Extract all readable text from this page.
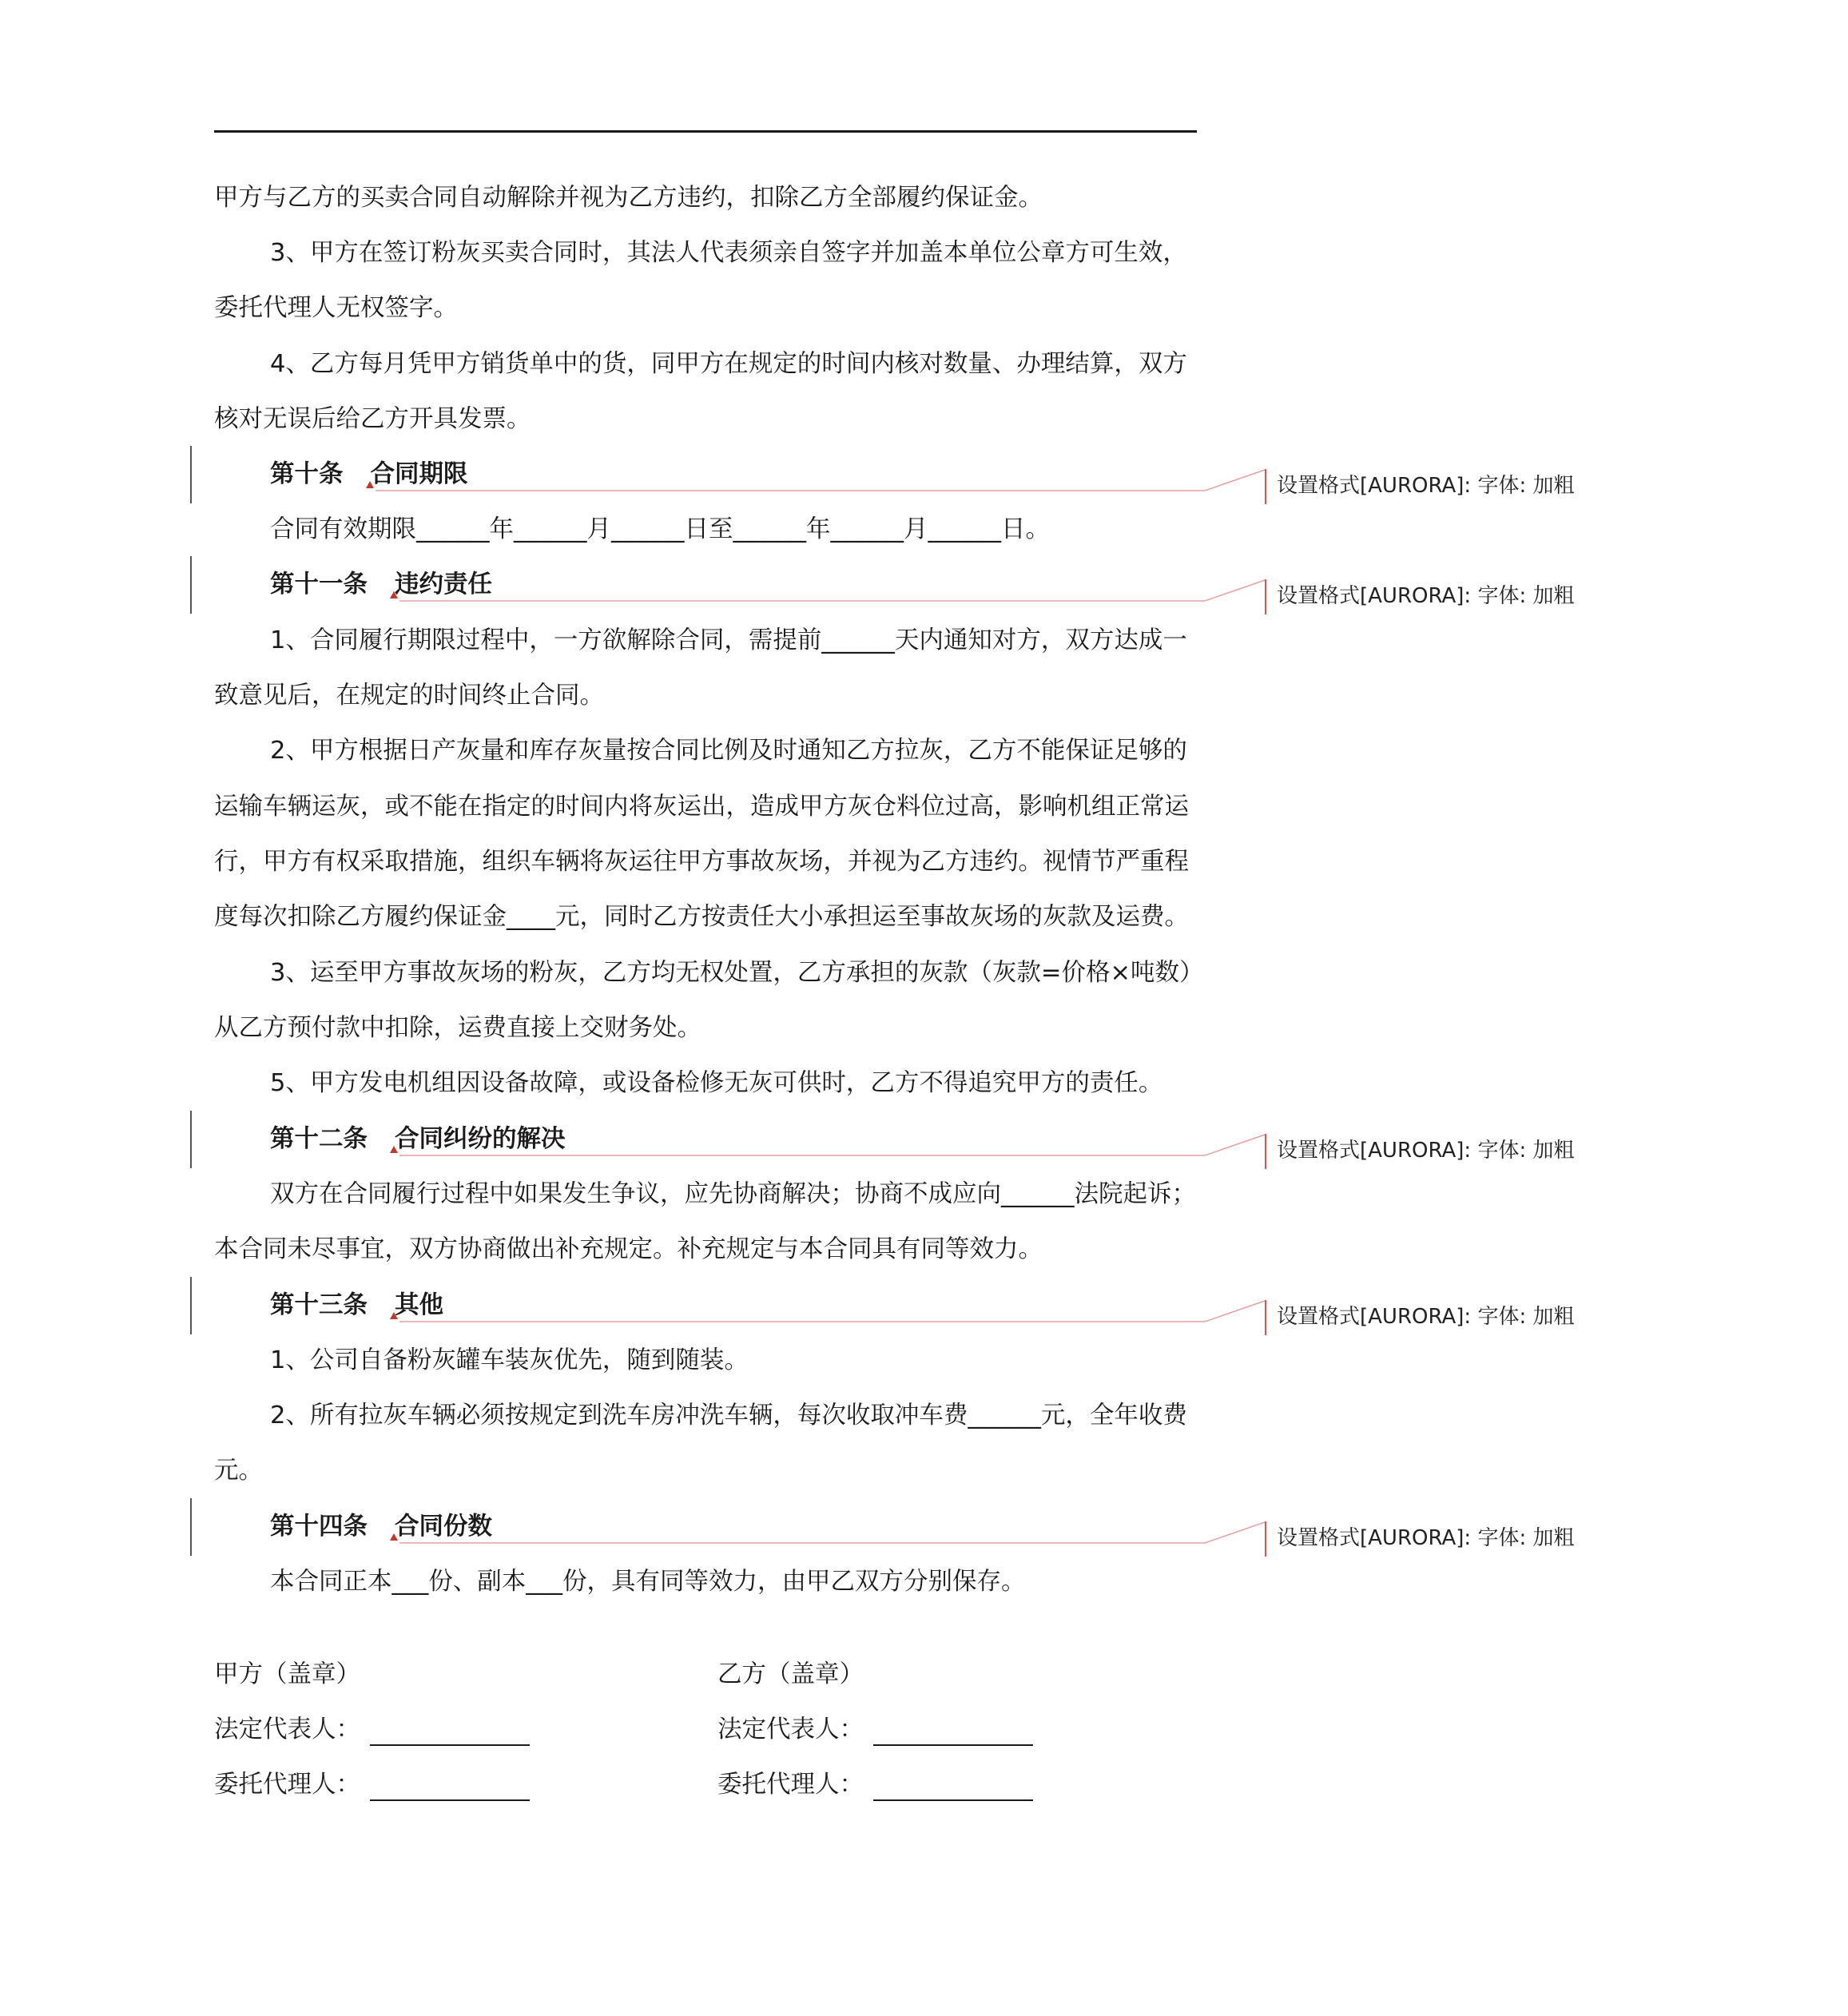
甲方与乙方的买卖合同自动解除并视为乙方违约，扣除乙方全部履约保证金。
3、甲方在签订粉灰买卖合同时，其法人代表须亲自签字并加盖本单位公章方可生效，
委托代理人无权签字。
4、乙方每月凭甲方销货单中的货，同甲方在规定的时间内核对数量、办理结算，双方
核对无误后给乙方开具发票。
第十条 合同期限	设置格式[AURORA]: 字体: 加粗
合同有效期限______年______月______日至______年______月______日。
第十一条 违约责任	设置格式[AURORA]: 字体: 加粗
1、合同履行期限过程中，一方欲解除合同，需提前______天内通知对方，双方达成一
致意见后，在规定的时间终止合同。
2、甲方根据日产灰量和库存灰量按合同比例及时通知乙方拉灰，乙方不能保证足够的
运输车辆运灰，或不能在指定的时间内将灰运出，造成甲方灰仓料位过高，影响机组正常运
行，甲方有权采取措施，组织车辆将灰运往甲方事故灰场，并视为乙方违约。视情节严重程
度每次扣除乙方履约保证金____元，同时乙方按责任大小承担运至事故灰场的灰款及运费。
3、运至甲方事故灰场的粉灰，乙方均无权处置，乙方承担的灰款（灰款=价格×吨数）
从乙方预付款中扣除，运费直接上交财务处。
5、甲方发电机组因设备故障，或设备检修无灰可供时，乙方不得追究甲方的责任。
第十二条 合同纠纷的解决	设置格式[AURORA]: 字体: 加粗
双方在合同履行过程中如果发生争议，应先协商解决；协商不成应向______法院起诉；
本合同未尽事宜，双方协商做出补充规定。补充规定与本合同具有同等效力。
第十三条 其他	设置格式[AURORA]: 字体: 加粗
1、公司自备粉灰罐车装灰优先，随到随装。
2、所有拉灰车辆必须按规定到洗车房冲洗车辆，每次收取冲车费______元，全年收费
元。
第十四条 合同份数	设置格式[AURORA]: 字体: 加粗
本合同正本___份、副本___份，具有同等效力，由甲乙双方分别保存。
甲方（盖章）	乙方（盖章）
法定代表人：	法定代表人：
委托代理人：	委托代理人：
